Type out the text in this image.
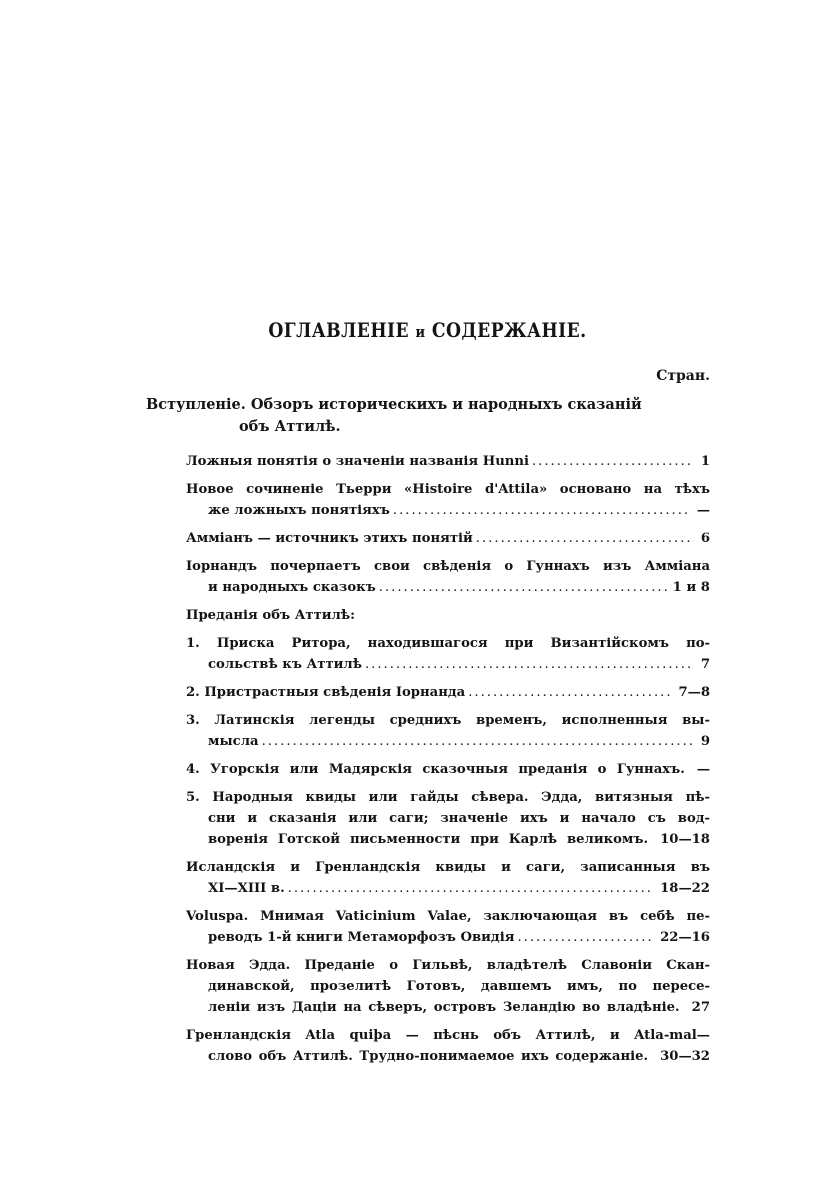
ОГЛАВЛЕНІЕ и СОДЕРЖАНІЕ.
Стран.
Вступленіе. Обзоръ историческихъ и народныхъ сказаній
объ Аттилѣ.
Ложныя понятія о значеніи названія Hunni .....	1
Новое сочиненіе Тьерри «Histoire d'Attila» основано на тѣхъ
же ложныхъ понятіяхъ .....	—
Аммiанъ — источникъ этихъ понятій .....	6
Iорнандъ почерпаетъ свои свѣденія о Гуннахъ изъ Аммiана
и народныхъ сказокъ .....	1 и 8
Преданія объ Аттилѣ:
1. Приска Ритора, находившагося при Византійскомъ по-
сольствѣ къ Аттилѣ .....	7
2. Пристрастныя свѣденія Iорнанда .....	7—8
3. Латинскія легенды среднихъ временъ, исполненныя вы-
мысла .....	9
4. Угорскія или Мадярскія сказочныя преданія о Гуннахъ. —
5. Народныя квиды или гайды сѣвера. Эдда, витязныя пѣ-
сни и сказанія или саги; значеніе ихъ и начало съ вод-
воренія Готской письменности при Карлѣ великомъ. 10—18
Исландскія и Гренландскія квиды и саги, записанныя въ
XI—XIII в. .....	18—22
Voluspa. Мнимая Vaticinium Valae, заключающая въ себѣ пе-
реводъ 1-й книги Метаморфозъ Овидія .....	22—16
Новая Эдда. Преданіе о Гильвѣ, владѣтелѣ Славоніи Скан-
динавской, прозелитѣ Готовъ, давшемъ имъ, по пересе-
леніи изъ Даціи на сѣверъ, островъ Зеландію во владѣніе. 27
Гренландскія Atla quiþa — пѣснь объ Аттилѣ, и Atla-mal—
слово объ Аттилѣ. Трудно-понимаемое ихъ содержаніе. 30—32
